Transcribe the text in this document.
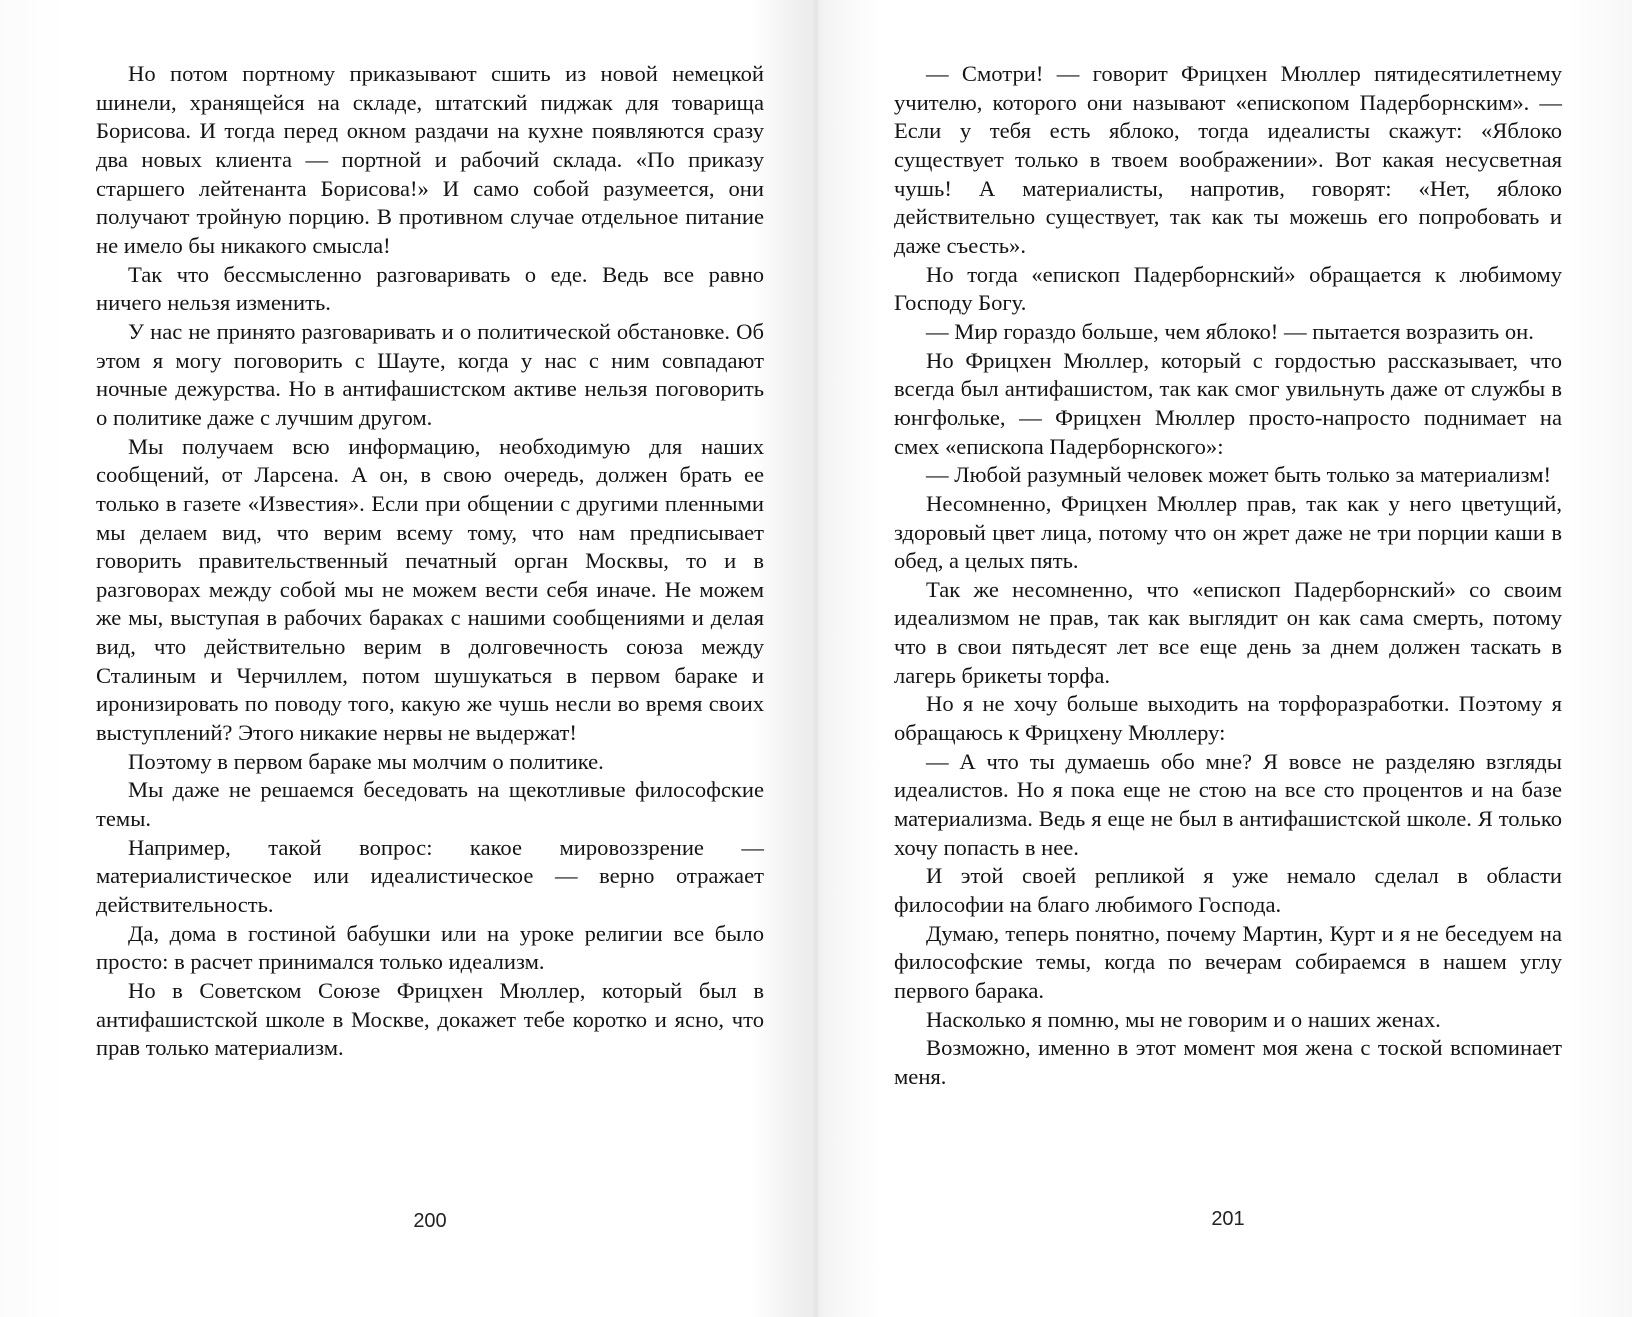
Но потом портному приказывают сшить из новой немецкой шинели, хранящейся на складе, штатский пиджак для товарища Борисова. И тогда перед окном раздачи на кухне появляются сразу два новых клиента — портной и рабочий склада. «По приказу старшего лейтенанта Борисова!» И само собой разумеется, они получают тройную порцию. В противном случае отдельное питание не имело бы никакого смысла!

Так что бессмысленно разговаривать о еде. Ведь все равно ничего нельзя изменить.

У нас не принято разговаривать и о политической обстановке. Об этом я могу поговорить с Шауте, когда у нас с ним совпадают ночные дежурства. Но в антифашистском активе нельзя поговорить о политике даже с лучшим другом.

Мы получаем всю информацию, необходимую для наших сообщений, от Ларсена. А он, в свою очередь, должен брать ее только в газете «Известия». Если при общении с другими пленными мы делаем вид, что верим всему тому, что нам предписывает говорить правительственный печатный орган Москвы, то и в разговорах между собой мы не можем вести себя иначе. Не можем же мы, выступая в рабочих бараках с нашими сообщениями и делая вид, что действительно верим в долговечность союза между Сталиным и Черчиллем, потом шушукаться в первом бараке и иронизировать по поводу того, какую же чушь несли во время своих выступлений? Этого никакие нервы не выдержат!

Поэтому в первом бараке мы молчим о политике.

Мы даже не решаемся беседовать на щекотливые философские темы.

Например, такой вопрос: какое мировоззрение — материалистическое или идеалистическое — верно отражает действительность.

Да, дома в гостиной бабушки или на уроке религии все было просто: в расчет принимался только идеализм.

Но в Советском Союзе Фрицхен Мюллер, который был в антифашистской школе в Москве, докажет тебе коротко и ясно, что прав только материализм.

200

— Смотри! — говорит Фрицхен Мюллер пятидесятилетнему учителю, которого они называют «епископом Падерборнским». — Если у тебя есть яблоко, тогда идеалисты скажут: «Яблоко существует только в твоем воображении». Вот какая несусветная чушь! А материалисты, напротив, говорят: «Нет, яблоко действительно существует, так как ты можешь его попробовать и даже съесть».

Но тогда «епископ Падерборнский» обращается к любимому Господу Богу.

— Мир гораздо больше, чем яблоко! — пытается возразить он.

Но Фрицхен Мюллер, который с гордостью рассказывает, что всегда был антифашистом, так как смог увильнуть даже от службы в юнгфольке, — Фрицхен Мюллер просто-напросто поднимает на смех «епископа Падерборнского»:

— Любой разумный человек может быть только за материализм!

Несомненно, Фрицхен Мюллер прав, так как у него цветущий, здоровый цвет лица, потому что он жрет даже не три порции каши в обед, а целых пять.

Так же несомненно, что «епископ Падерборнский» со своим идеализмом не прав, так как выглядит он как сама смерть, потому что в свои пятьдесят лет все еще день за днем должен таскать в лагерь брикеты торфа.

Но я не хочу больше выходить на торфоразработки. Поэтому я обращаюсь к Фрицхену Мюллеру:

— А что ты думаешь обо мне? Я вовсе не разделяю взгляды идеалистов. Но я пока еще не стою на все сто процентов и на базе материализма. Ведь я еще не был в антифашистской школе. Я только хочу попасть в нее.

И этой своей репликой я уже немало сделал в области философии на благо любимого Господа.

Думаю, теперь понятно, почему Мартин, Курт и я не беседуем на философские темы, когда по вечерам собираемся в нашем углу первого барака.

Насколько я помню, мы не говорим и о наших женах.

Возможно, именно в этот момент моя жена с тоской вспоминает меня.

201
